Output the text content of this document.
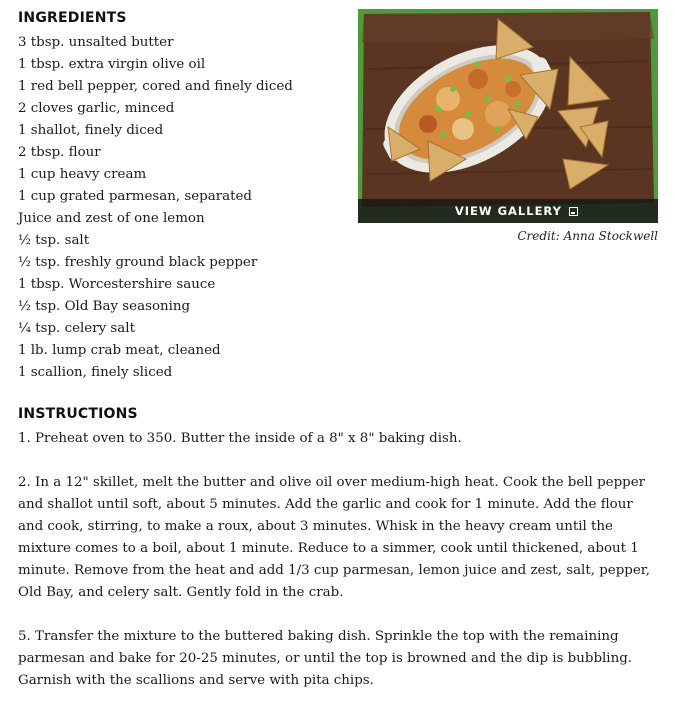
INGREDIENTS
3 tbsp. unsalted butter
1 tbsp. extra virgin olive oil
1 red bell pepper, cored and finely diced
2 cloves garlic, minced
1 shallot, finely diced
2 tbsp. flour
1 cup heavy cream
1 cup grated parmesan, separated
Juice and zest of one lemon
½ tsp. salt
½ tsp. freshly ground black pepper
1 tbsp. Worcestershire sauce
½ tsp. Old Bay seasoning
¼ tsp. celery salt
1 lb. lump crab meat, cleaned
1 scallion, finely sliced
VIEW GALLERY
Credit: Anna Stockwell
INSTRUCTIONS

1. Preheat oven to 350. Butter the inside of a 8" x 8" baking dish.

2. In a 12" skillet, melt the butter and olive oil over medium-high heat. Cook the bell pepper and shallot until soft, about 5 minutes. Add the garlic and cook for 1 minute. Add the flour and cook, stirring, to make a roux, about 3 minutes. Whisk in the heavy cream until the mixture comes to a boil, about 1 minute. Reduce to a simmer, cook until thickened, about 1 minute. Remove from the heat and add 1/3 cup parmesan, lemon juice and zest, salt, pepper, Old Bay, and celery salt. Gently fold in the crab.

5. Transfer the mixture to the buttered baking dish. Sprinkle the top with the remaining parmesan and bake for 20-25 minutes, or until the top is browned and the dip is bubbling. Garnish with the scallions and serve with pita chips.
